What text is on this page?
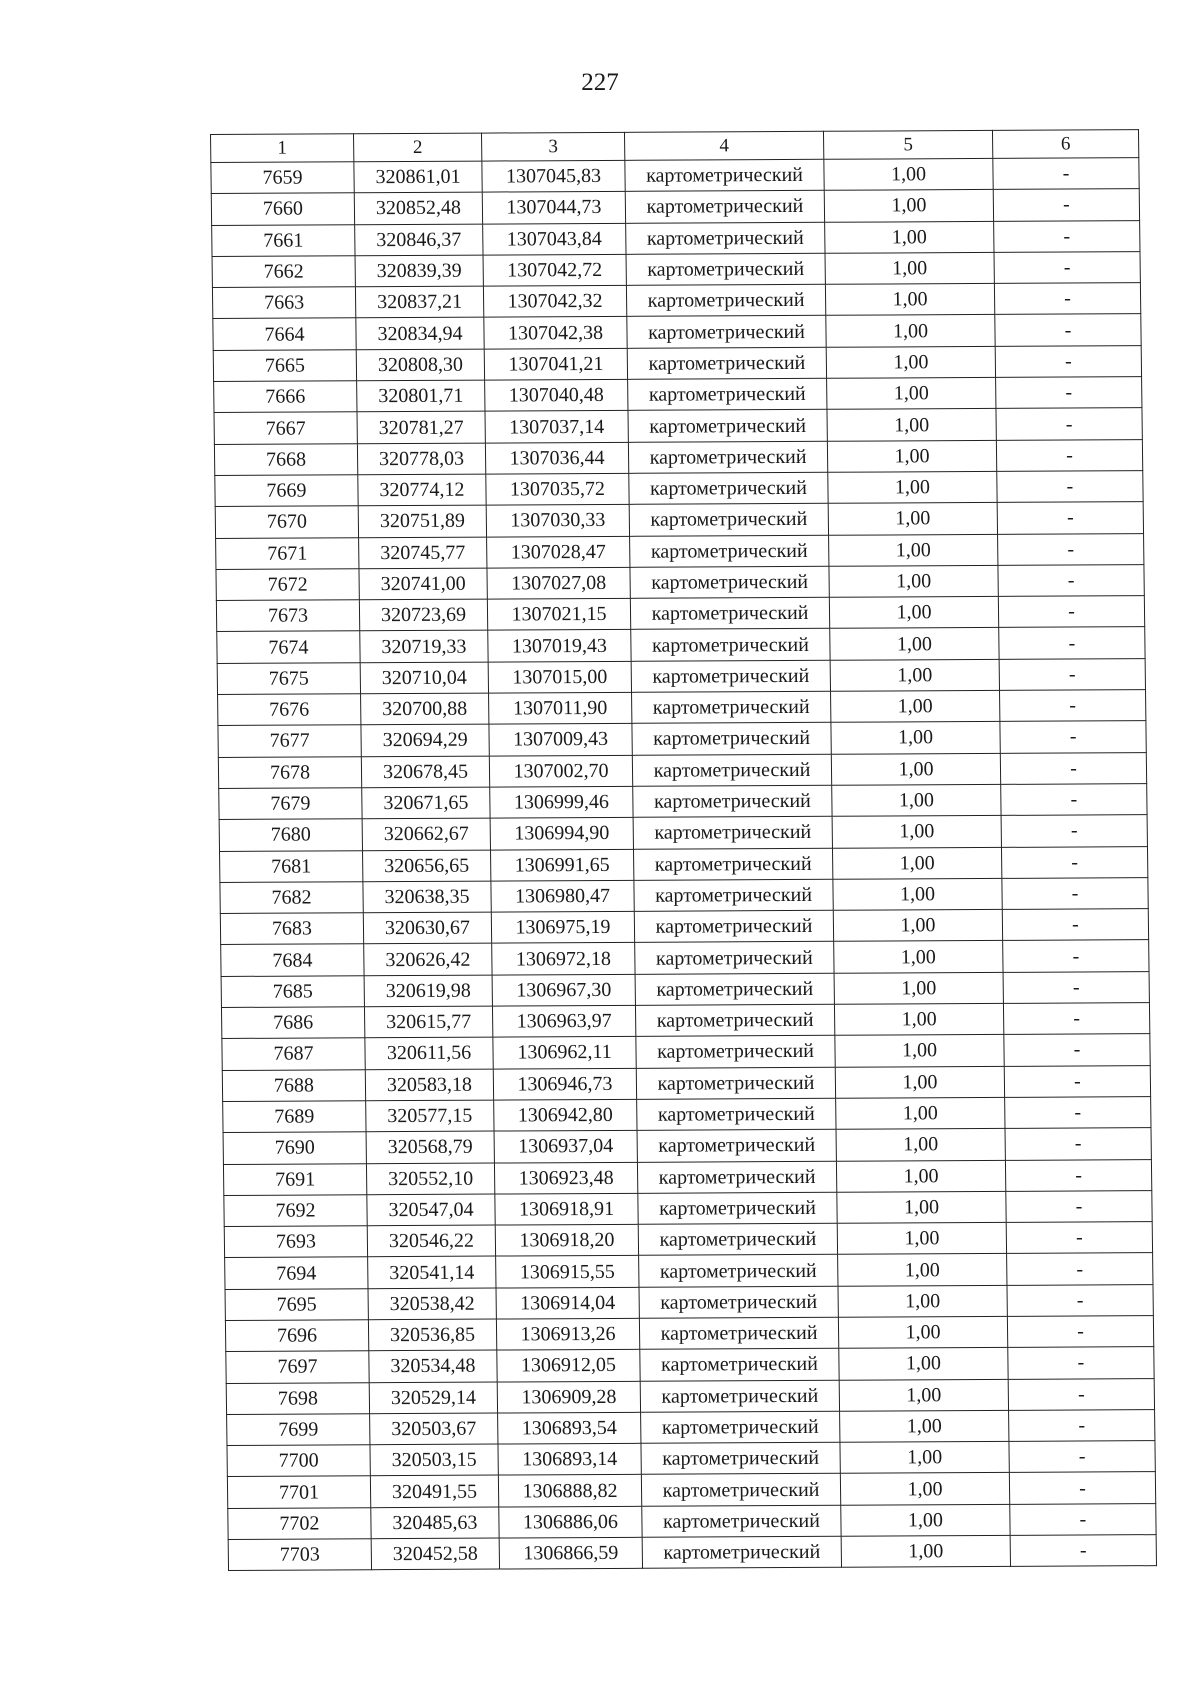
227
1	2	3	4	5	6
7659	320861,01	1307045,83	картометрический	1,00	-
7660	320852,48	1307044,73	картометрический	1,00	-
7661	320846,37	1307043,84	картометрический	1,00	-
7662	320839,39	1307042,72	картометрический	1,00	-
7663	320837,21	1307042,32	картометрический	1,00	-
7664	320834,94	1307042,38	картометрический	1,00	-
7665	320808,30	1307041,21	картометрический	1,00	-
7666	320801,71	1307040,48	картометрический	1,00	-
7667	320781,27	1307037,14	картометрический	1,00	-
7668	320778,03	1307036,44	картометрический	1,00	-
7669	320774,12	1307035,72	картометрический	1,00	-
7670	320751,89	1307030,33	картометрический	1,00	-
7671	320745,77	1307028,47	картометрический	1,00	-
7672	320741,00	1307027,08	картометрический	1,00	-
7673	320723,69	1307021,15	картометрический	1,00	-
7674	320719,33	1307019,43	картометрический	1,00	-
7675	320710,04	1307015,00	картометрический	1,00	-
7676	320700,88	1307011,90	картометрический	1,00	-
7677	320694,29	1307009,43	картометрический	1,00	-
7678	320678,45	1307002,70	картометрический	1,00	-
7679	320671,65	1306999,46	картометрический	1,00	-
7680	320662,67	1306994,90	картометрический	1,00	-
7681	320656,65	1306991,65	картометрический	1,00	-
7682	320638,35	1306980,47	картометрический	1,00	-
7683	320630,67	1306975,19	картометрический	1,00	-
7684	320626,42	1306972,18	картометрический	1,00	-
7685	320619,98	1306967,30	картометрический	1,00	-
7686	320615,77	1306963,97	картометрический	1,00	-
7687	320611,56	1306962,11	картометрический	1,00	-
7688	320583,18	1306946,73	картометрический	1,00	-
7689	320577,15	1306942,80	картометрический	1,00	-
7690	320568,79	1306937,04	картометрический	1,00	-
7691	320552,10	1306923,48	картометрический	1,00	-
7692	320547,04	1306918,91	картометрический	1,00	-
7693	320546,22	1306918,20	картометрический	1,00	-
7694	320541,14	1306915,55	картометрический	1,00	-
7695	320538,42	1306914,04	картометрический	1,00	-
7696	320536,85	1306913,26	картометрический	1,00	-
7697	320534,48	1306912,05	картометрический	1,00	-
7698	320529,14	1306909,28	картометрический	1,00	-
7699	320503,67	1306893,54	картометрический	1,00	-
7700	320503,15	1306893,14	картометрический	1,00	-
7701	320491,55	1306888,82	картометрический	1,00	-
7702	320485,63	1306886,06	картометрический	1,00	-
7703	320452,58	1306866,59	картометрический	1,00	-
